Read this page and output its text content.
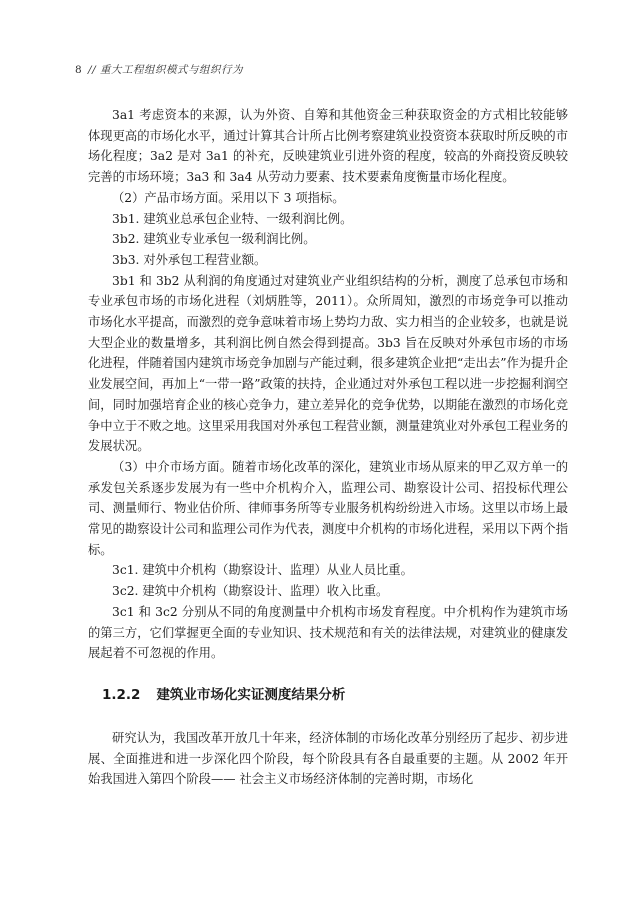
8 // 重大工程组织模式与组织行为

3a1 考虑资本的来源，认为外资、自筹和其他资金三种获取资金的方式相比较能够体现更高的市场化水平，通过计算其合计所占比例考察建筑业投资资本获取时所反映的市场化程度；3a2 是对 3a1 的补充，反映建筑业引进外资的程度，较高的外商投资反映较完善的市场环境；3a3 和 3a4 从劳动力要素、技术要素角度衡量市场化程度。

（2）产品市场方面。采用以下 3 项指标。

3b1. 建筑业总承包企业特、一级利润比例。

3b2. 建筑业专业承包一级利润比例。

3b3. 对外承包工程营业额。

3b1 和 3b2 从利润的角度通过对建筑业产业组织结构的分析，测度了总承包市场和专业承包市场的市场化进程（刘炳胜等，2011）。众所周知，激烈的市场竞争可以推动市场化水平提高，而激烈的竞争意味着市场上势均力敌、实力相当的企业较多，也就是说大型企业的数量增多，其利润比例自然会得到提高。3b3 旨在反映对外承包市场的市场化进程，伴随着国内建筑市场竞争加剧与产能过剩，很多建筑企业把“走出去”作为提升企业发展空间，再加上“一带一路”政策的扶持，企业通过对外承包工程以进一步挖掘利润空间，同时加强培育企业的核心竞争力，建立差异化的竞争优势，以期能在激烈的市场化竞争中立于不败之地。这里采用我国对外承包工程营业额，测量建筑业对外承包工程业务的发展状况。

（3）中介市场方面。随着市场化改革的深化，建筑业市场从原来的甲乙双方单一的承发包关系逐步发展为有一些中介机构介入，监理公司、勘察设计公司、招投标代理公司、测量师行、物业估价所、律师事务所等专业服务机构纷纷进入市场。这里以市场上最常见的勘察设计公司和监理公司作为代表，测度中介机构的市场化进程，采用以下两个指标。

3c1. 建筑中介机构（勘察设计、监理）从业人员比重。

3c2. 建筑中介机构（勘察设计、监理）收入比重。

3c1 和 3c2 分别从不同的角度测量中介机构市场发育程度。中介机构作为建筑市场的第三方，它们掌握更全面的专业知识、技术规范和有关的法律法规，对建筑业的健康发展起着不可忽视的作用。

1.2.2 建筑业市场化实证测度结果分析

研究认为，我国改革开放几十年来，经济体制的市场化改革分别经历了起步、初步进展、全面推进和进一步深化四个阶段，每个阶段具有各自最重要的主题。从 2002 年开始我国进入第四个阶段—— 社会主义市场经济体制的完善时期，市场化
